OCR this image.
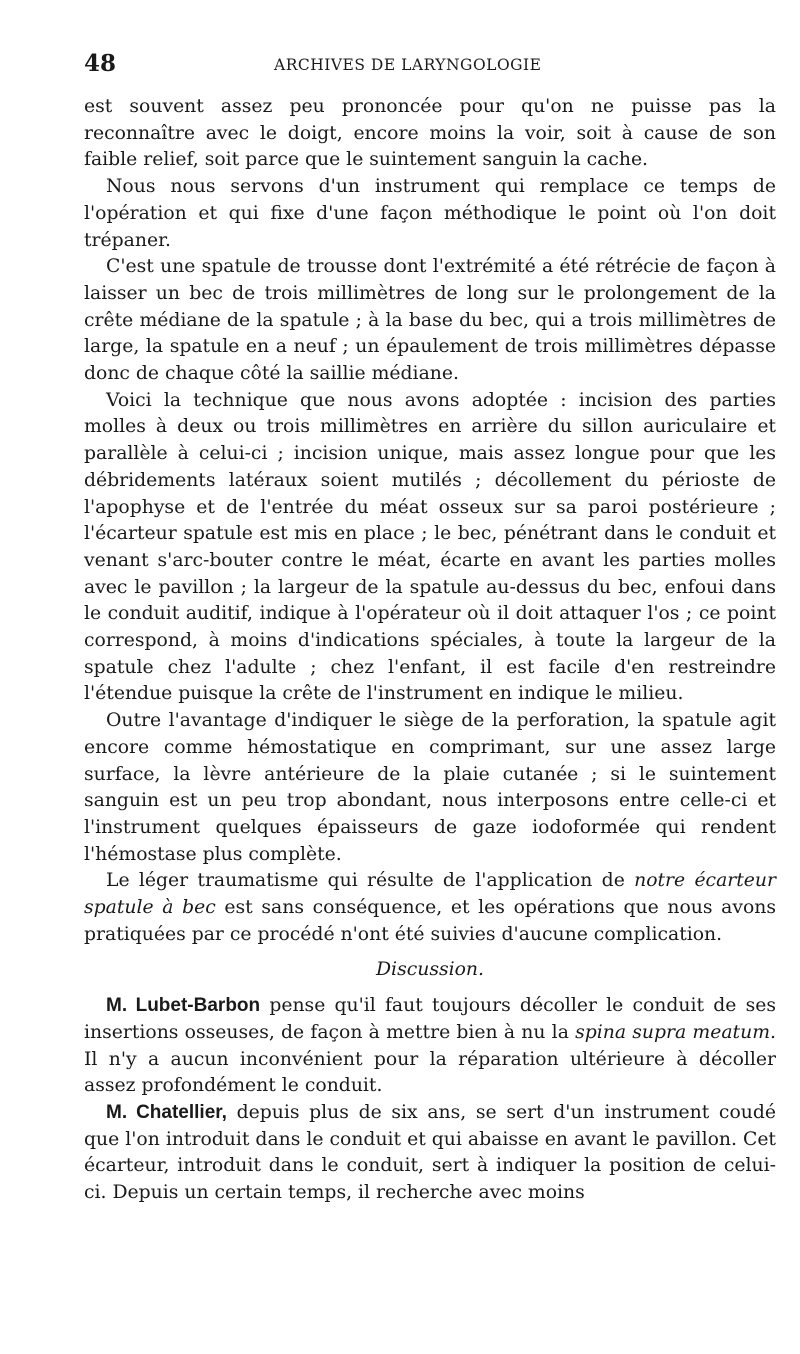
48	ARCHIVES DE LARYNGOLOGIE

est souvent assez peu prononcée pour qu'on ne puisse pas la reconnaître avec le doigt, encore moins la voir, soit à cause de son faible relief, soit parce que le suintement sanguin la cache.

Nous nous servons d'un instrument qui remplace ce temps de l'opération et qui fixe d'une façon méthodique le point où l'on doit trépaner.

C'est une spatule de trousse dont l'extrémité a été rétrécie de façon à laisser un bec de trois millimètres de long sur le prolongement de la crête médiane de la spatule ; à la base du bec, qui a trois millimètres de large, la spatule en a neuf ; un épaulement de trois millimètres dépasse donc de chaque côté la saillie médiane.

Voici la technique que nous avons adoptée : incision des parties molles à deux ou trois millimètres en arrière du sillon auriculaire et parallèle à celui-ci ; incision unique, mais assez longue pour que les débridements latéraux soient mutilés ; décollement du périoste de l'apophyse et de l'entrée du méat osseux sur sa paroi postérieure ; l'écarteur spatule est mis en place ; le bec, pénétrant dans le conduit et venant s'arc-bouter contre le méat, écarte en avant les parties molles avec le pavillon ; la largeur de la spatule au-dessus du bec, enfoui dans le conduit auditif, indique à l'opérateur où il doit attaquer l'os ; ce point correspond, à moins d'indications spéciales, à toute la largeur de la spatule chez l'adulte ; chez l'enfant, il est facile d'en restreindre l'étendue puisque la crête de l'instrument en indique le milieu.

Outre l'avantage d'indiquer le siège de la perforation, la spatule agit encore comme hémostatique en comprimant, sur une assez large surface, la lèvre antérieure de la plaie cutanée ; si le suintement sanguin est un peu trop abondant, nous interposons entre celle-ci et l'instrument quelques épaisseurs de gaze iodoformée qui rendent l'hémostase plus complète.

Le léger traumatisme qui résulte de l'application de notre écarteur spatule à bec est sans conséquence, et les opérations que nous avons pratiquées par ce procédé n'ont été suivies d'aucune complication.

Discussion.

M. Lubet-Barbon pense qu'il faut toujours décoller le conduit de ses insertions osseuses, de façon à mettre bien à nu la spina supra meatum. Il n'y a aucun inconvénient pour la réparation ultérieure à décoller assez profondément le conduit.

M. Chatellier, depuis plus de six ans, se sert d'un instrument coudé que l'on introduit dans le conduit et qui abaisse en avant le pavillon. Cet écarteur, introduit dans le conduit, sert à indiquer la position de celui-ci. Depuis un certain temps, il recherche avec moins
